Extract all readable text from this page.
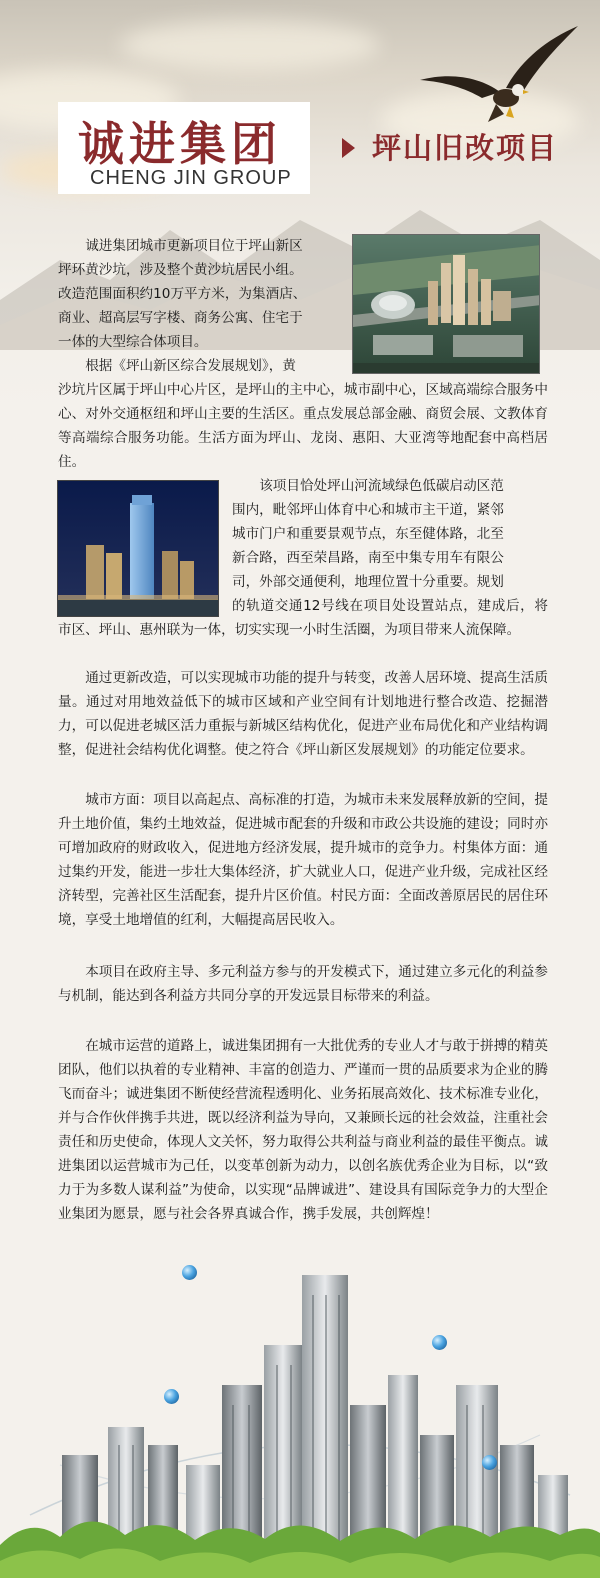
诚进集团
CHENG JIN GROUP
坪山旧改项目
诚进集团城市更新项目位于坪山新区
坪环黄沙坑，涉及整个黄沙坑居民小组。
改造范围面积约10万平方米，为集酒店、
商业、超高层写字楼、商务公寓、住宅于
一体的大型综合体项目。
根据《坪山新区综合发展规划》，黄
沙坑片区属于坪山中心片区，是坪山的主中心，城市副中心，区域高端综合服务中心、对外交通枢纽和坪山主要的生活区。重点发展总部金融、商贸会展、文教体育等高端综合服务功能。生活方面为坪山、龙岗、惠阳、大亚湾等地配套中高档居住。
该项目恰处坪山河流域绿色低碳启动区范
围内，毗邻坪山体育中心和城市主干道，紧邻
城市门户和重要景观节点，东至健体路，北至
新合路，西至荣昌路，南至中集专用车有限公
司，外部交通便利，地理位置十分重要。规划
的轨道交通12号线在项目处设置站点，建成后，将市区、坪山、惠州联为一体，切实实现一小时生活圈，为项目带来人流保障。
通过更新改造，可以实现城市功能的提升与转变，改善人居环境、提高生活质量。通过对用地效益低下的城市区域和产业空间有计划地进行整合改造、挖掘潜力，可以促进老城区活力重振与新城区结构优化，促进产业布局优化和产业结构调整，促进社会结构优化调整。使之符合《坪山新区发展规划》的功能定位要求。
城市方面：项目以高起点、高标准的打造，为城市未来发展释放新的空间，提升土地价值，集约土地效益，促进城市配套的升级和市政公共设施的建设；同时亦可增加政府的财政收入，促进地方经济发展，提升城市的竞争力。村集体方面：通过集约开发，能进一步壮大集体经济，扩大就业人口，促进产业升级，完成社区经济转型，完善社区生活配套，提升片区价值。村民方面：全面改善原居民的居住环境，享受土地增值的红利，大幅提高居民收入。
本项目在政府主导、多元利益方参与的开发模式下，通过建立多元化的利益参与机制，能达到各利益方共同分享的开发远景目标带来的利益。
在城市运营的道路上，诚进集团拥有一大批优秀的专业人才与敢于拼搏的精英团队，他们以执着的专业精神、丰富的创造力、严谨而一贯的品质要求为企业的腾飞而奋斗；诚进集团不断使经营流程透明化、业务拓展高效化、技术标准专业化，并与合作伙伴携手共进，既以经济利益为导向，又兼顾长远的社会效益，注重社会责任和历史使命，体现人文关怀，努力取得公共利益与商业利益的最佳平衡点。诚进集团以运营城市为己任，以变革创新为动力，以创名族优秀企业为目标，以“致力于为多数人谋利益”为使命，以实现“品牌诚进”、建设具有国际竞争力的大型企业集团为愿景，愿与社会各界真诚合作，携手发展，共创辉煌！
